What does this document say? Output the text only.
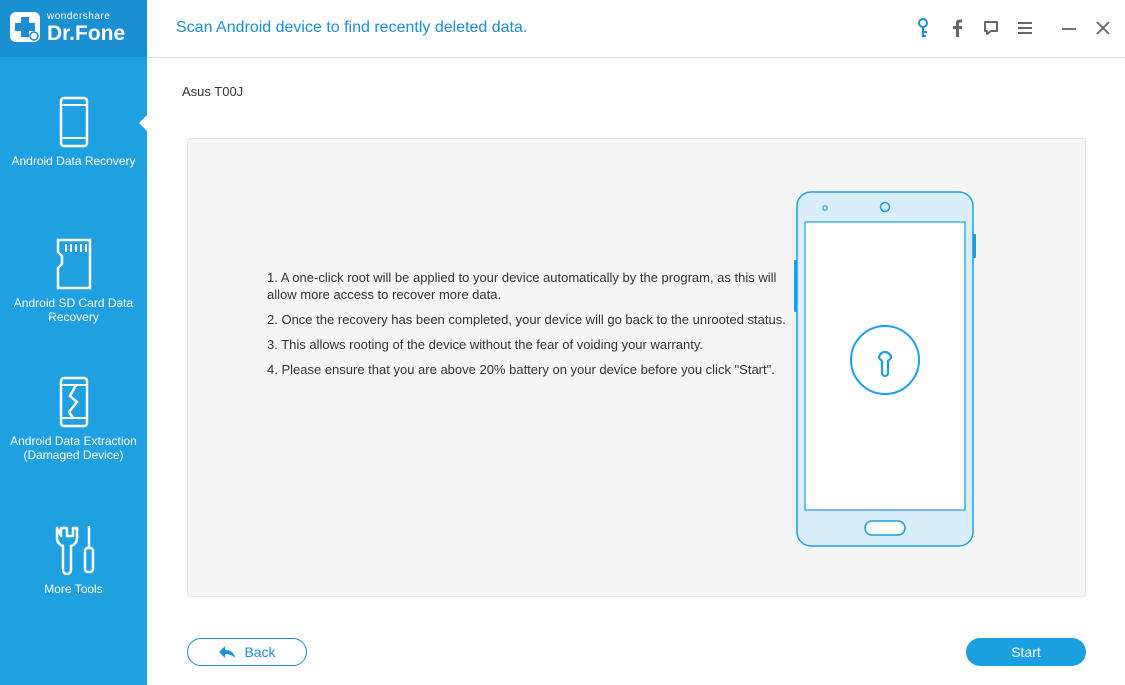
wondershare
Dr.Fone
Android Data Recovery
Android SD Card Data Recovery
Android Data Extraction (Damaged Device)
More Tools
Scan Android device to find recently deleted data.
Asus T00J

1. A one-click root will be applied to your device automatically by the program, as this will allow more access to recover more data.

2. Once the recovery has been completed, your device will go back to the unrooted status.

3. This allows rooting of the device without the fear of voiding your warranty.

4. Please ensure that you are above 20% battery on your device before you click "Start".

Back	Start
